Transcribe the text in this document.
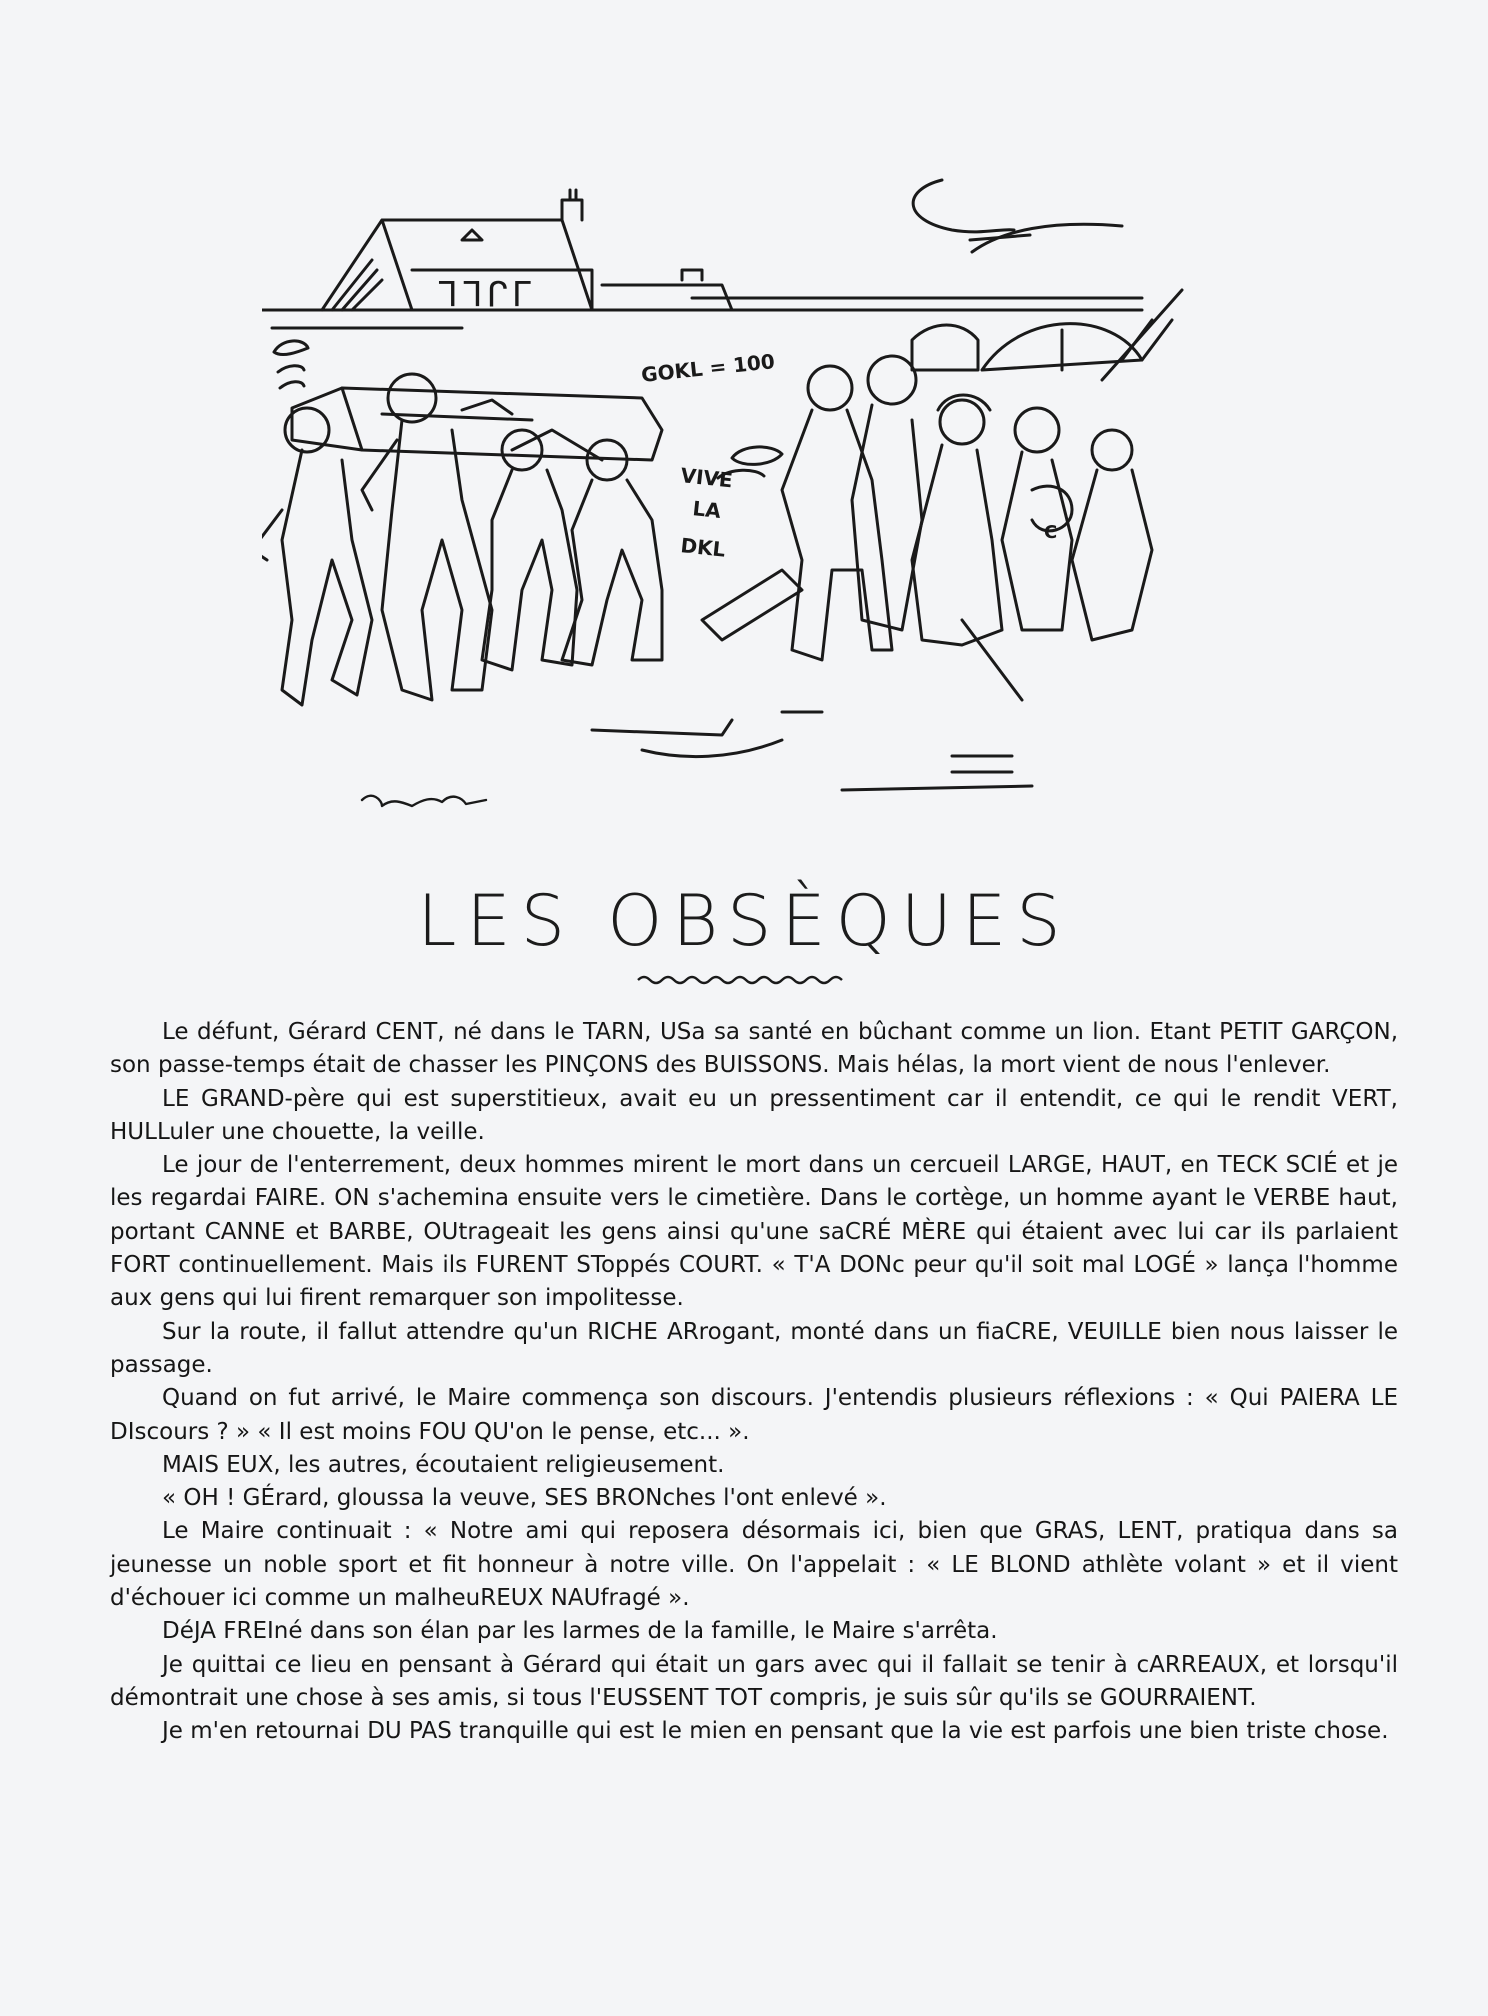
ᒣᒣᒋᒥ
GOKL = 100
VIVE
LA
DKL
C
LES OBSÈQUES

Le défunt, Gérard CENT, né dans le TARN, USa sa santé en bûchant comme un lion. Etant PETIT GARÇON, son passe-temps était de chasser les PINÇONS des BUISSONS. Mais hélas, la mort vient de nous l'enlever.

LE GRAND-père qui est superstitieux, avait eu un pressentiment car il entendit, ce qui le rendit VERT, HULLuler une chouette, la veille.

Le jour de l'enterrement, deux hommes mirent le mort dans un cercueil LARGE, HAUT, en TECK SCIÉ et je les regardai FAIRE. ON s'achemina ensuite vers le cimetière. Dans le cortège, un homme ayant le VERBE haut, portant CANNE et BARBE, OUtrageait les gens ainsi qu'une saCRÉ MÈRE qui étaient avec lui car ils parlaient FORT continuellement. Mais ils FURENT SToppés COURT. « T'A DONc peur qu'il soit mal LOGÉ » lança l'homme aux gens qui lui firent remarquer son impolitesse.

Sur la route, il fallut attendre qu'un RICHE ARrogant, monté dans un fiaCRE, VEUILLE bien nous laisser le passage.

Quand on fut arrivé, le Maire commença son discours. J'entendis plusieurs réflexions : « Qui PAIERA LE DIscours ? » « Il est moins FOU QU'on le pense, etc... ».

MAIS EUX, les autres, écoutaient religieusement.

« OH ! GÉrard, gloussa la veuve, SES BRONches l'ont enlevé ».

Le Maire continuait : « Notre ami qui reposera désormais ici, bien que GRAS, LENT, pratiqua dans sa jeunesse un noble sport et fit honneur à notre ville. On l'appelait : « LE BLOND athlète volant » et il vient d'échouer ici comme un malheuREUX NAUfragé ».

DéJA FREIné dans son élan par les larmes de la famille, le Maire s'arrêta.

Je quittai ce lieu en pensant à Gérard qui était un gars avec qui il fallait se tenir à cARREAUX, et lorsqu'il démontrait une chose à ses amis, si tous l'EUSSENT TOT compris, je suis sûr qu'ils se GOURRAIENT.

Je m'en retournai DU PAS tranquille qui est le mien en pensant que la vie est parfois une bien triste chose.
